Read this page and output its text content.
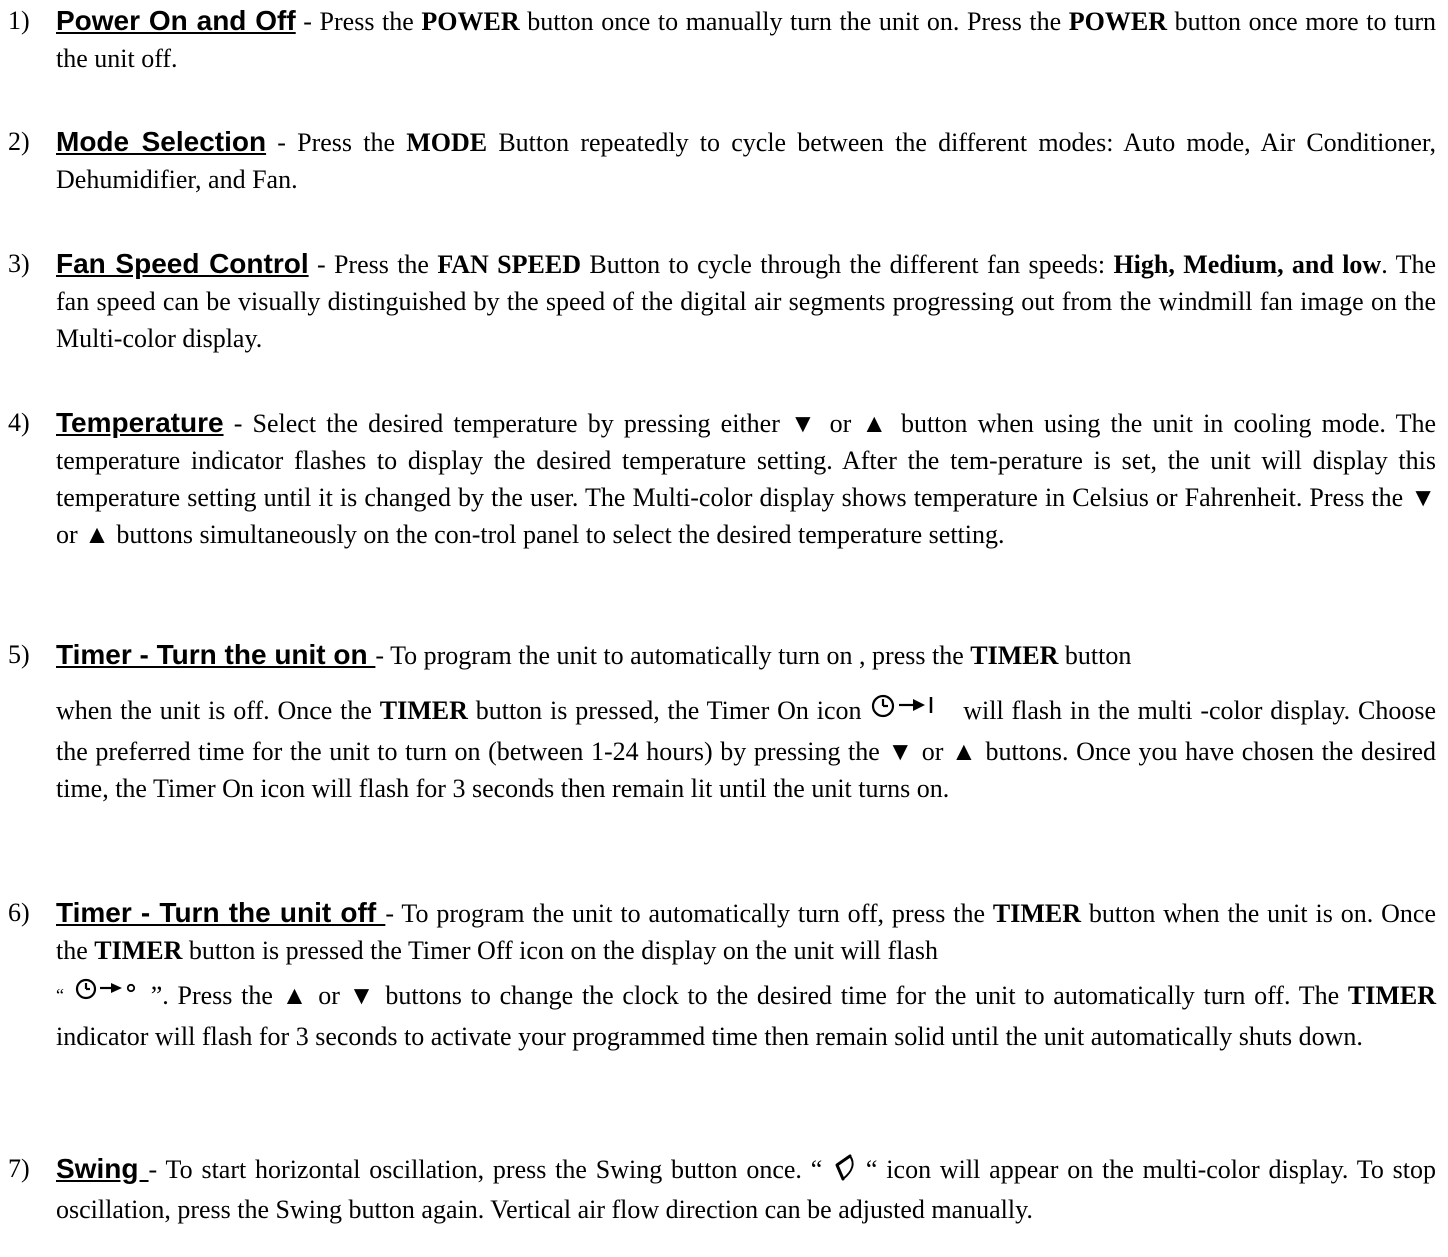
1) Power On and Off - Press the POWER button once to manually turn the unit on. Press the POWER button once more to turn the unit off.
2) Mode Selection - Press the MODE Button repeatedly to cycle between the different modes: Auto mode, Air Conditioner, Dehumidifier, and Fan.
3) Fan Speed Control - Press the FAN SPEED Button to cycle through the different fan speeds: High, Medium, and low. The fan speed can be visually distinguished by the speed of the digital air segments progressing out from the windmill fan image on the Multi-color display.
4) Temperature - Select the desired temperature by pressing either ▼ or ▲ button when using the unit in cooling mode. The temperature indicator flashes to display the desired temperature setting. After the tem-perature is set, the unit will display this temperature setting until it is changed by the user. The Multi-color display shows temperature in Celsius or Fahrenheit. Press the ▼ or ▲ buttons simultaneously on the con-trol panel to select the desired temperature setting.
5) Timer - Turn the unit on - To program the unit to automatically turn on , press the TIMER button
when the unit is off. Once the TIMER button is pressed, the Timer On icon	will flash in the multi -color display. Choose the preferred time for the unit to turn on (between 1-24 hours) by pressing the ▼ or ▲ buttons. Once you have chosen the desired time, the Timer On icon will flash for 3 seconds then remain lit until the unit turns on.
6) Timer - Turn the unit off - To program the unit to automatically turn off, press the TIMER button when the unit is on. Once the TIMER button is pressed the Timer Off icon on the display on the unit will flash
“	”. Press the ▲ or ▼ buttons to change the clock to the desired time for the unit to automatically turn off. The TIMER indicator will flash for 3 seconds to activate your programmed time then remain solid until the unit automatically shuts down.
7) Swing - To start horizontal oscillation, press the Swing button once. “  “ icon will appear on the multi-color display. To stop oscillation, press the Swing button again. Vertical air flow direction can be adjusted manually.
